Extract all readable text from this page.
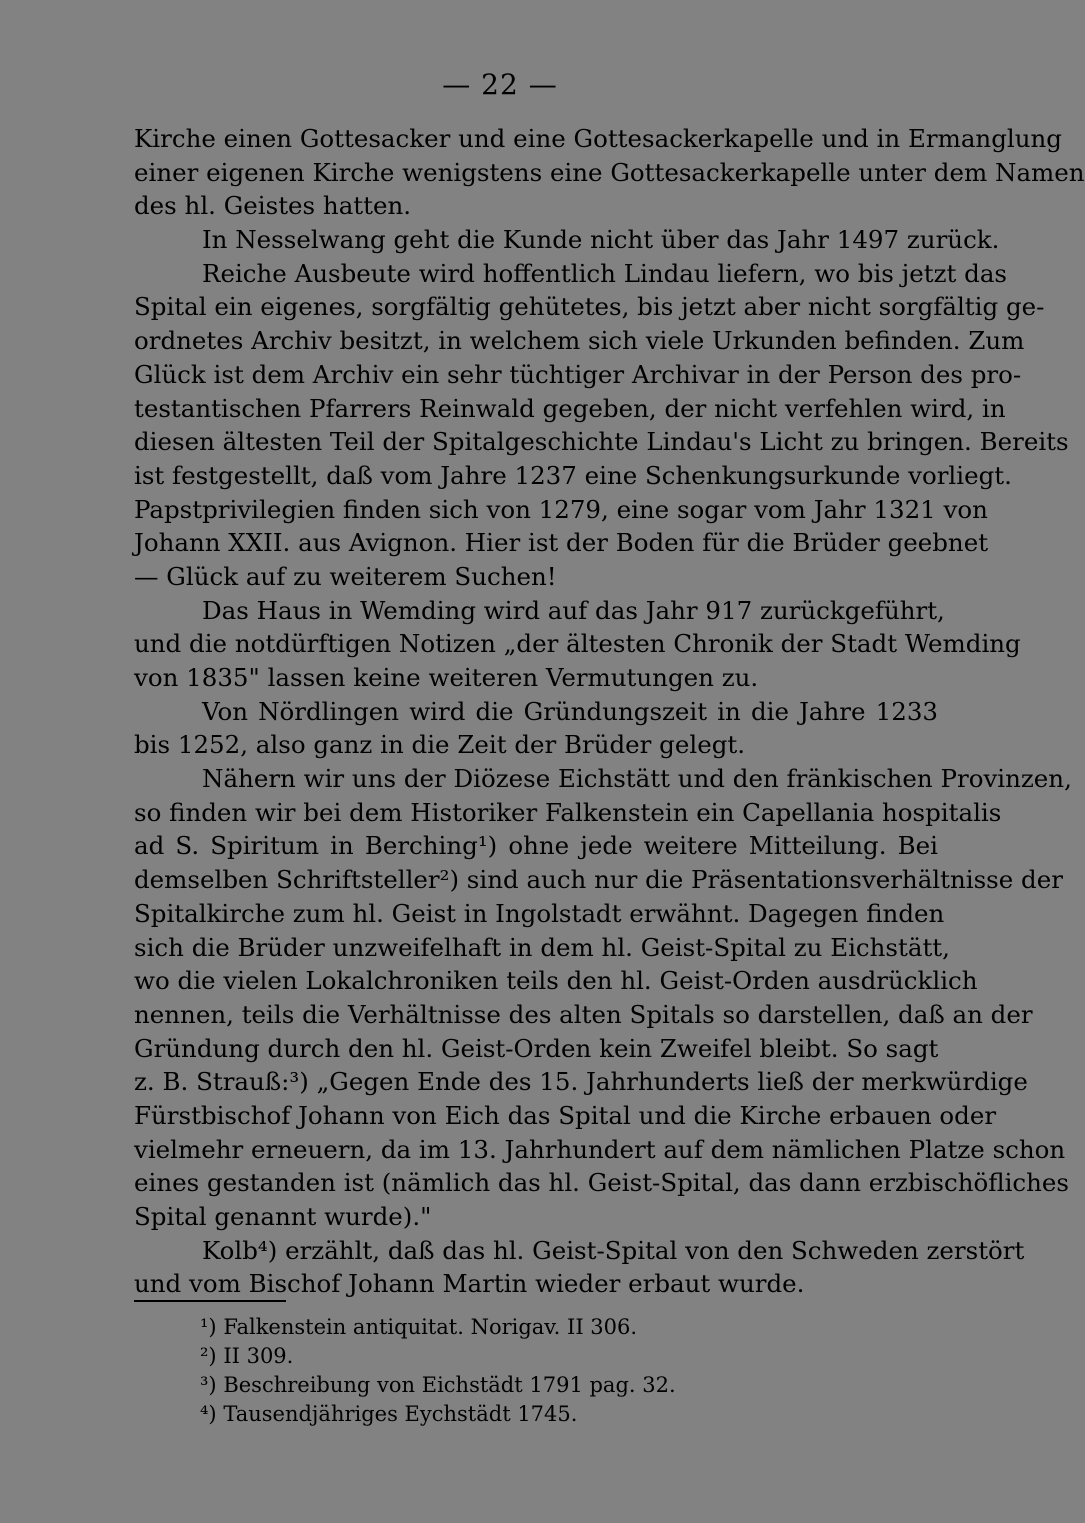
— 22 —
Kirche einen Gottesacker und eine Gottesackerkapelle und in Ermanglung
einer eigenen Kirche wenigstens eine Gottesackerkapelle unter dem Namen
des hl. Geistes hatten.
In Nesselwang geht die Kunde nicht über das Jahr 1497 zurück.
Reiche Ausbeute wird hoffentlich Lindau liefern, wo bis jetzt das
Spital ein eigenes, sorgfältig gehütetes, bis jetzt aber nicht sorgfältig ge-
ordnetes Archiv besitzt, in welchem sich viele Urkunden befinden. Zum
Glück ist dem Archiv ein sehr tüchtiger Archivar in der Person des pro-
testantischen Pfarrers Reinwald gegeben, der nicht verfehlen wird, in
diesen ältesten Teil der Spitalgeschichte Lindau's Licht zu bringen. Bereits
ist festgestellt, daß vom Jahre 1237 eine Schenkungsurkunde vorliegt.
Papstprivilegien finden sich von 1279, eine sogar vom Jahr 1321 von
Johann XXII. aus Avignon. Hier ist der Boden für die Brüder geebnet
— Glück auf zu weiterem Suchen!
Das Haus in Wemding wird auf das Jahr 917 zurückgeführt,
und die notdürftigen Notizen „der ältesten Chronik der Stadt Wemding
von 1835" lassen keine weiteren Vermutungen zu.
Von Nördlingen wird die Gründungszeit in die Jahre 1233
bis 1252, also ganz in die Zeit der Brüder gelegt.
Nähern wir uns der Diözese Eichstätt und den fränkischen Provinzen,
so finden wir bei dem Historiker Falkenstein ein Capellania hospitalis
ad S. Spiritum in Berching¹) ohne jede weitere Mitteilung. Bei
demselben Schriftsteller²) sind auch nur die Präsentationsverhältnisse der
Spitalkirche zum hl. Geist in Ingolstadt erwähnt. Dagegen finden
sich die Brüder unzweifelhaft in dem hl. Geist-Spital zu Eichstätt,
wo die vielen Lokalchroniken teils den hl. Geist-Orden ausdrücklich
nennen, teils die Verhältnisse des alten Spitals so darstellen, daß an der
Gründung durch den hl. Geist-Orden kein Zweifel bleibt. So sagt
z. B. Strauß:³) „Gegen Ende des 15. Jahrhunderts ließ der merkwürdige
Fürstbischof Johann von Eich das Spital und die Kirche erbauen oder
vielmehr erneuern, da im 13. Jahrhundert auf dem nämlichen Platze schon
eines gestanden ist (nämlich das hl. Geist-Spital, das dann erzbischöfliches
Spital genannt wurde)."
Kolb⁴) erzählt, daß das hl. Geist-Spital von den Schweden zerstört
und vom Bischof Johann Martin wieder erbaut wurde.
¹) Falkenstein antiquitat. Norigav. II 306.
²) II 309.
³) Beschreibung von Eichstädt 1791 pag. 32.
⁴) Tausendjähriges Eychstädt 1745.
